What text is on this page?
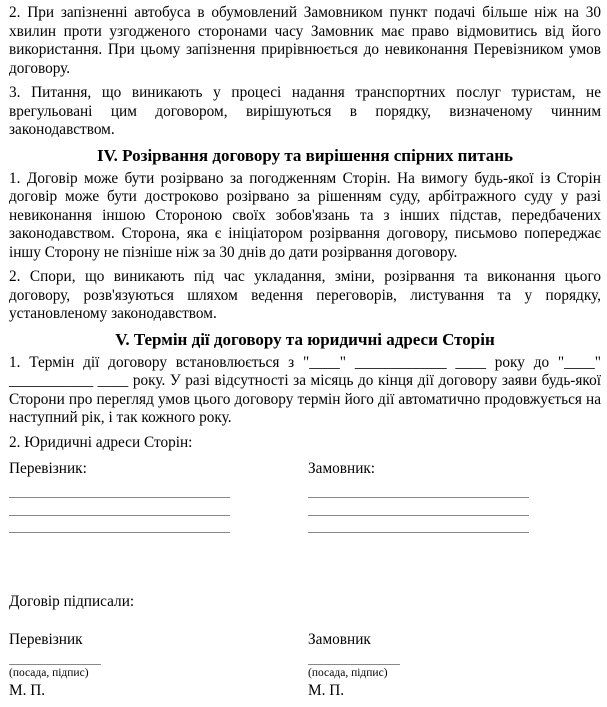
2. При запізненні автобуса в обумовлений Замовником пункт подачі більше ніж на 30 хвилин проти узгодженого сторонами часу Замовник має право відмовитись від його використання. При цьому запізнення прирівнюється до невиконання Перевізником умов договору.

3. Питання, що виникають у процесі надання транспортних послуг туристам, не врегульовані цим договором, вирішуються в порядку, визначеному чинним законодавством.

IV. Розірвання договору та вирішення спірних питань

1. Договір може бути розірвано за погодженням Сторін. На вимогу будь-якої із Сторін договір може бути достроково розірвано за рішенням суду, арбітражного суду у разі невиконання іншою Стороною своїх зобов'язань та з інших підстав, передбачених законодавством. Сторона, яка є ініціатором розірвання договору, письмово попереджає іншу Сторону не пізніше ніж за 30 днів до дати розірвання договору.

2. Спори, що виникають під час укладання, зміни, розірвання та виконання цього договору, розв'язуються шляхом ведення переговорів, листування та у порядку, установленому законодавством.

V. Термін дії договору та юридичні адреси Сторін

1. Термін дії договору встановлюється з "____" ____________ ____ року до "____"

___________ ____ року. У разі відсутності за місяць до кінця дії договору заяви будь-якої Сторони про перегляд умов цього договору термін його дії автоматично продовжується на наступний рік, і так кожного року.

2. Юридичні адреси Сторін:
Перевізник:	Замовник:
Договір підписали:
Перевізник	Замовник
(посада, підпис)	(посада, підпис)
М. П.	М. П.
